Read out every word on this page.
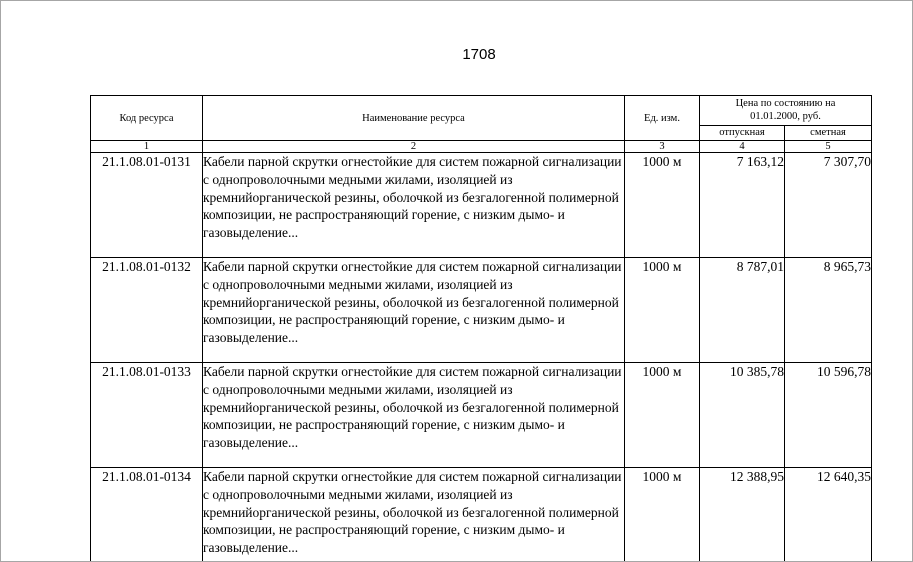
1708
Код ресурса	Наименование ресурса	Ед. изм.	Цена по состоянию на 01.01.2000, руб.	
			отпускная	сметная
1	2	3	4	5
21.1.08.01-0131	Кабели парной скрутки огнестойкие для систем пожарной сигнализации с однопроволочными медными жилами, изоляцией из кремнийорганической резины, оболочкой из безгалогенной полимерной композиции, не распространяющий горение, с низким дымо- и газовыделение...	1000 м	7 163,12	7 307,70
21.1.08.01-0132	Кабели парной скрутки огнестойкие для систем пожарной сигнализации с однопроволочными медными жилами, изоляцией из кремнийорганической резины, оболочкой из безгалогенной полимерной композиции, не распространяющий горение, с низким дымо- и газовыделение...	1000 м	8 787,01	8 965,73
21.1.08.01-0133	Кабели парной скрутки огнестойкие для систем пожарной сигнализации с однопроволочными медными жилами, изоляцией из кремнийорганической резины, оболочкой из безгалогенной полимерной композиции, не распространяющий горение, с низким дымо- и газовыделение...	1000 м	10 385,78	10 596,78
21.1.08.01-0134	Кабели парной скрутки огнестойкие для систем пожарной сигнализации с однопроволочными медными жилами, изоляцией из кремнийорганической резины, оболочкой из безгалогенной полимерной композиции, не распространяющий горение, с низким дымо- и газовыделение...	1000 м	12 388,95	12 640,35
